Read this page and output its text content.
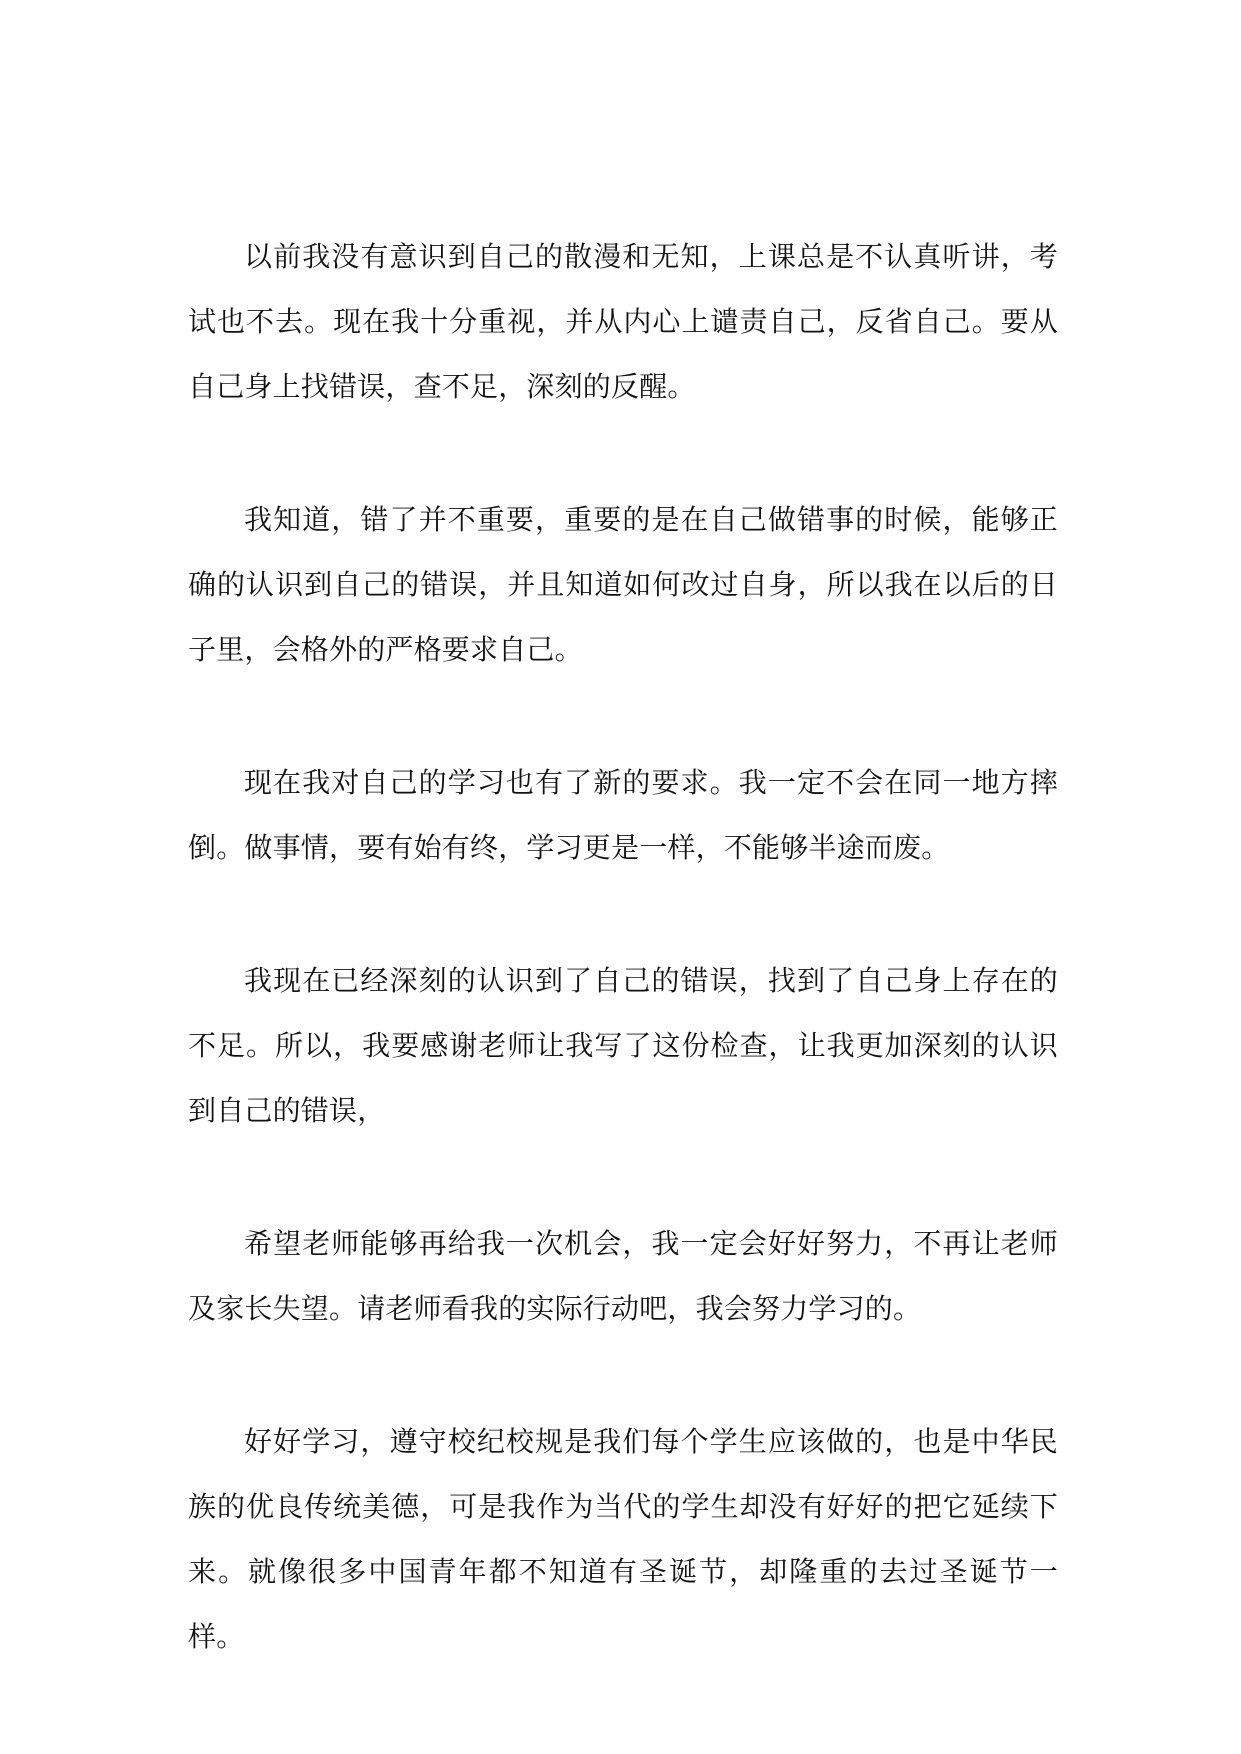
以前我没有意识到自己的散漫和无知，上课总是不认真听讲，考试也不去。现在我十分重视，并从内心上谴责自己，反省自己。要从自己身上找错误，查不足，深刻的反醒。

我知道，错了并不重要，重要的是在自己做错事的时候，能够正确的认识到自己的错误，并且知道如何改过自身，所以我在以后的日子里，会格外的严格要求自己。

现在我对自己的学习也有了新的要求。我一定不会在同一地方摔倒。做事情，要有始有终，学习更是一样，不能够半途而废。

我现在已经深刻的认识到了自己的错误，找到了自己身上存在的不足。所以，我要感谢老师让我写了这份检查，让我更加深刻的认识到自己的错误，

希望老师能够再给我一次机会，我一定会好好努力，不再让老师及家长失望。请老师看我的实际行动吧，我会努力学习的。

好好学习，遵守校纪校规是我们每个学生应该做的，也是中华民族的优良传统美德，可是我作为当代的学生却没有好好的把它延续下来。就像很多中国青年都不知道有圣诞节，却隆重的去过圣诞节一样。
